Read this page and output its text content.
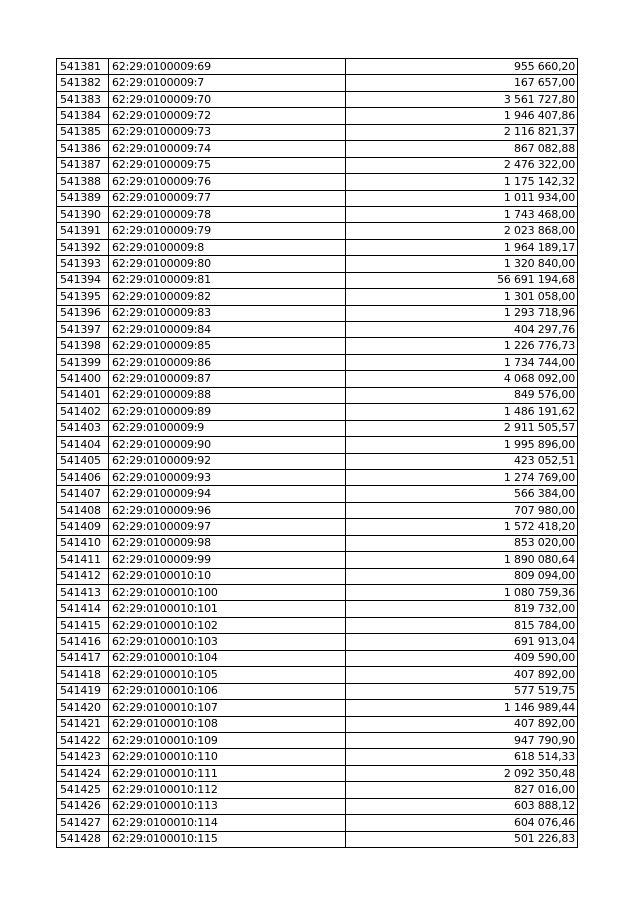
541381	62:29:0100009:69	955 660,20
541382	62:29:0100009:7	167 657,00
541383	62:29:0100009:70	3 561 727,80
541384	62:29:0100009:72	1 946 407,86
541385	62:29:0100009:73	2 116 821,37
541386	62:29:0100009:74	867 082,88
541387	62:29:0100009:75	2 476 322,00
541388	62:29:0100009:76	1 175 142,32
541389	62:29:0100009:77	1 011 934,00
541390	62:29:0100009:78	1 743 468,00
541391	62:29:0100009:79	2 023 868,00
541392	62:29:0100009:8	1 964 189,17
541393	62:29:0100009:80	1 320 840,00
541394	62:29:0100009:81	56 691 194,68
541395	62:29:0100009:82	1 301 058,00
541396	62:29:0100009:83	1 293 718,96
541397	62:29:0100009:84	404 297,76
541398	62:29:0100009:85	1 226 776,73
541399	62:29:0100009:86	1 734 744,00
541400	62:29:0100009:87	4 068 092,00
541401	62:29:0100009:88	849 576,00
541402	62:29:0100009:89	1 486 191,62
541403	62:29:0100009:9	2 911 505,57
541404	62:29:0100009:90	1 995 896,00
541405	62:29:0100009:92	423 052,51
541406	62:29:0100009:93	1 274 769,00
541407	62:29:0100009:94	566 384,00
541408	62:29:0100009:96	707 980,00
541409	62:29:0100009:97	1 572 418,20
541410	62:29:0100009:98	853 020,00
541411	62:29:0100009:99	1 890 080,64
541412	62:29:0100010:10	809 094,00
541413	62:29:0100010:100	1 080 759,36
541414	62:29:0100010:101	819 732,00
541415	62:29:0100010:102	815 784,00
541416	62:29:0100010:103	691 913,04
541417	62:29:0100010:104	409 590,00
541418	62:29:0100010:105	407 892,00
541419	62:29:0100010:106	577 519,75
541420	62:29:0100010:107	1 146 989,44
541421	62:29:0100010:108	407 892,00
541422	62:29:0100010:109	947 790,90
541423	62:29:0100010:110	618 514,33
541424	62:29:0100010:111	2 092 350,48
541425	62:29:0100010:112	827 016,00
541426	62:29:0100010:113	603 888,12
541427	62:29:0100010:114	604 076,46
541428	62:29:0100010:115	501 226,83
